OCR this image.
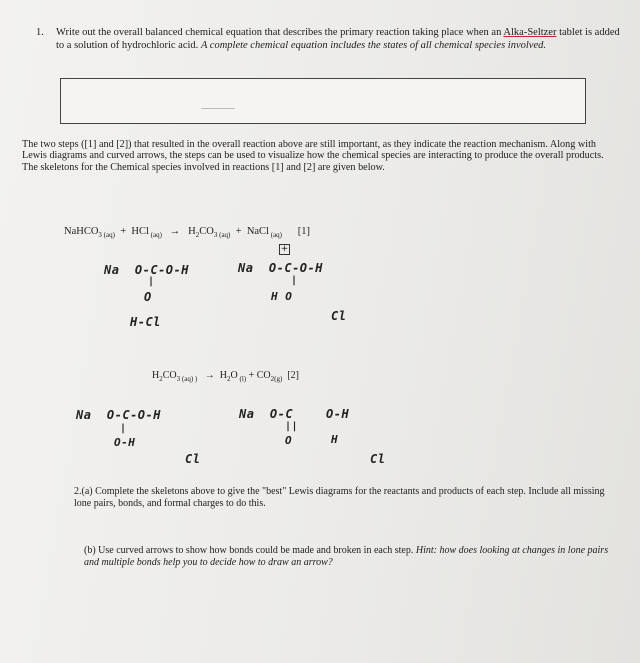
1. Write out the overall balanced chemical equation that describes the primary reaction taking place when an Alka-Seltzer tablet is added to a solution of hydrochloric acid. A complete chemical equation includes the states of all chemical species involved.
The two steps ([1] and [2]) that resulted in the overall reaction above are still important, as they indicate the reaction mechanism. Along with Lewis diagrams and curved arrows, the steps can be used to visualize how the chemical species are interacting to produce the overall products. The skeletons for the Chemical species involved in reactions [1] and [2] are given below.
NaHCO$_3$ $_{(aq)}$ + HCl $_{(aq)} \to H_2CO_3$ $_{(aq)}$ + NaCl $_{(aq)}$ [1]
+
Na O-C-O-H
|
O
H-Cl
Na O-C-O-H
|
H O
Cl
$H_2CO_3$ $_{(aq)}$ $_) \to H_2O$ $_{(l)} + CO_{2(g)}$ [2]
Na O-C-O-H
|
O-H
Cl
Na O-C
||
O
O-H
H
Cl
2.(a) Complete the skeletons above to give the "best" Lewis diagrams for the reactants and products of each step. Include all missing lone pairs, bonds, and formal charges to do this.
(b) Use curved arrows to show how bonds could be made and broken in each step. Hint: how does looking at changes in lone pairs and multiple bonds help you to decide how to draw an arrow?
